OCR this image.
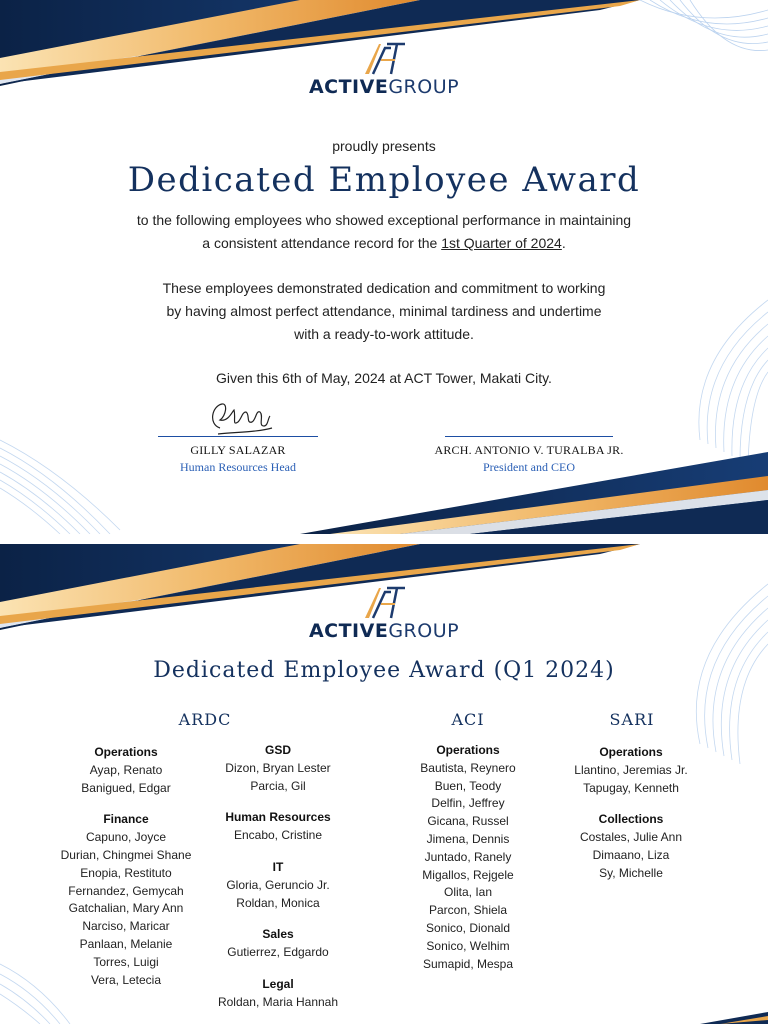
ACTIVEGROUP
proudly presents
Dedicated Employee Award
to the following employees who showed exceptional performance in maintaining
a consistent attendance record for the 1st Quarter of 2024.
These employees demonstrated dedication and commitment to working
by having almost perfect attendance, minimal tardiness and undertime
with a ready-to-work attitude.
Given this 6th of May, 2024 at ACT Tower, Makati City.
GILLY SALAZAR
Human Resources Head
ARCH. ANTONIO V. TURALBA JR.
President and CEO
ACTIVEGROUP
Dedicated Employee Award (Q1 2024)
ARDC	ACI	SARI
Operations
Ayap, Renato
Banigued, Edgar
Finance
Capuno, Joyce
Durian, Chingmei Shane
Enopia, Restituto
Fernandez, Gemycah
Gatchalian, Mary Ann
Narciso, Maricar
Panlaan, Melanie
Torres, Luigi
Vera, Letecia
GSD
Dizon, Bryan Lester
Parcia, Gil
Human Resources
Encabo, Cristine
IT
Gloria, Geruncio Jr.
Roldan, Monica
Sales
Gutierrez, Edgardo
Legal
Roldan, Maria Hannah
Operations
Bautista, Reynero
Buen, Teody
Delfin, Jeffrey
Gicana, Russel
Jimena, Dennis
Juntado, Ranely
Migallos, Rejgele
Olita, Ian
Parcon, Shiela
Sonico, Dionald
Sonico, Welhim
Sumapid, Mespa
Operations
Llantino, Jeremias Jr.
Tapugay, Kenneth
Collections
Costales, Julie Ann
Dimaano, Liza
Sy, Michelle
